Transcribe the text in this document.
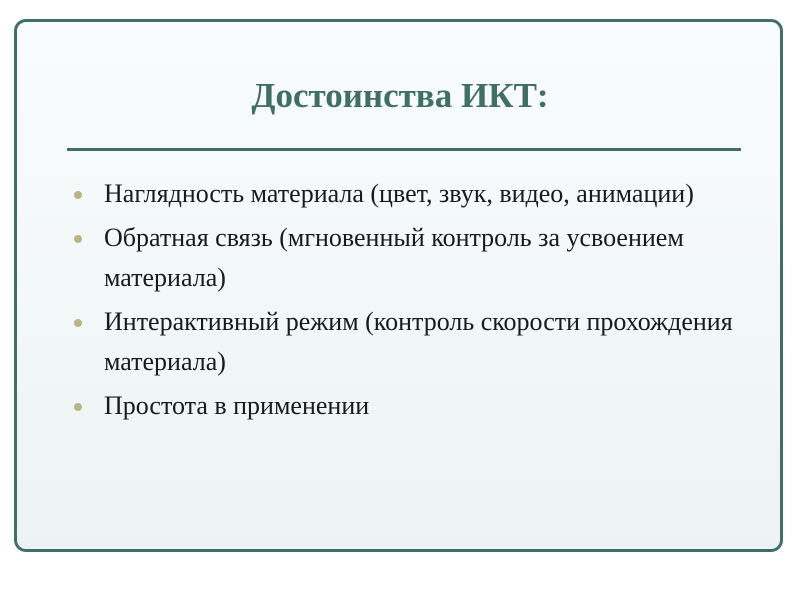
Достоинства ИКТ:
Наглядность материала (цвет, звук, видео, анимации)
Обратная связь (мгновенный контроль за усвоением материала)
Интерактивный режим (контроль скорости прохождения материала)
Простота в применении
